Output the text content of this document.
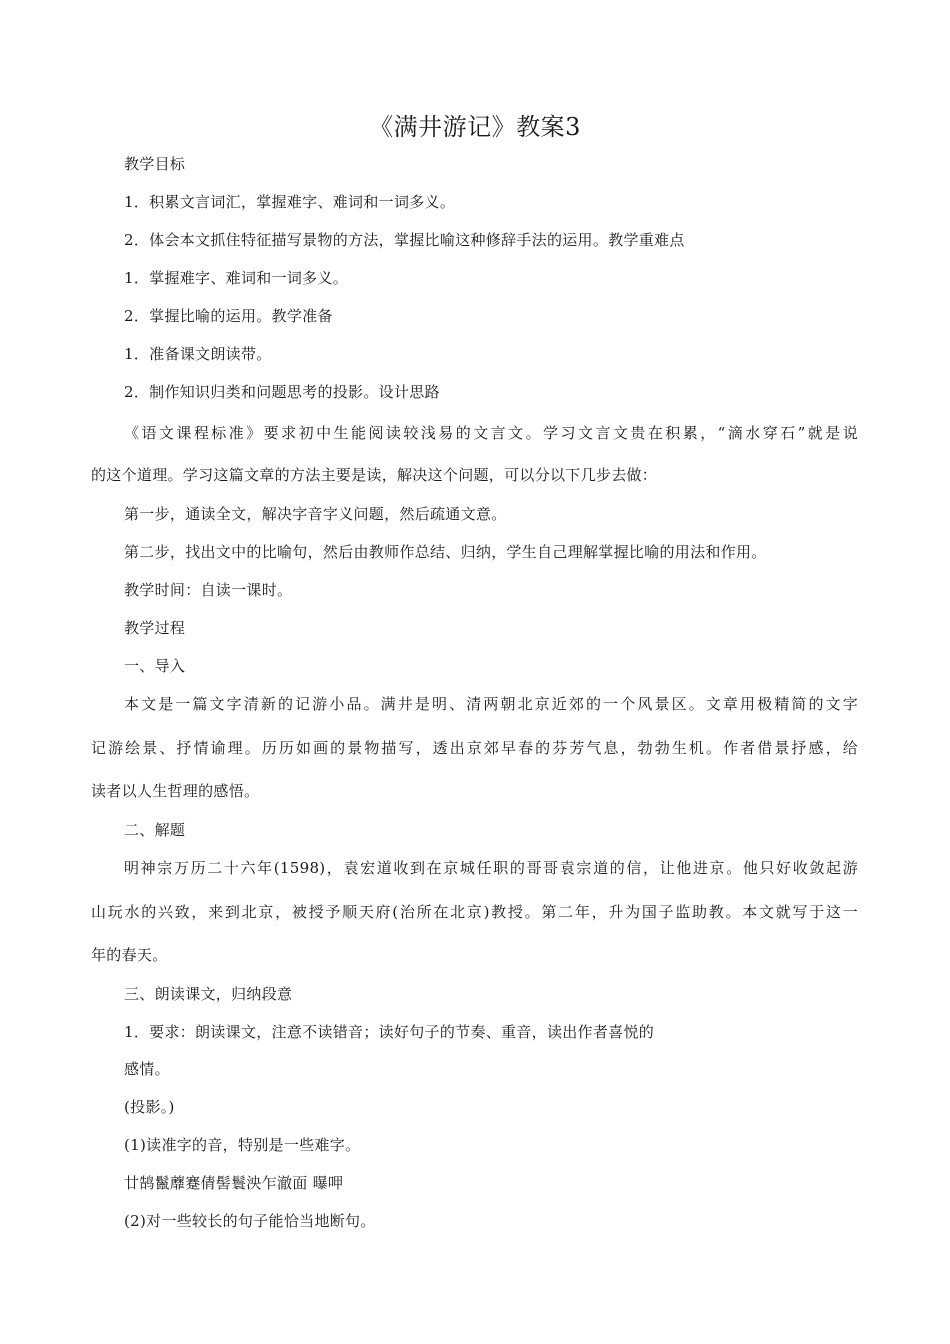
《满井游记》教案3
教学目标
1．积累文言词汇，掌握难字、难词和一词多义。
2．体会本文抓住特征描写景物的方法，掌握比喻这种修辞手法的运用。教学重难点
1．掌握难字、难词和一词多义。
2．掌握比喻的运用。教学准备
1．准备课文朗读带。
2．制作知识归类和问题思考的投影。设计思路
《语文课程标准》要求初中生能阅读较浅易的文言文。学习文言文贵在积累，“滴水穿石”就是说
的这个道理。学习这篇文章的方法主要是读，解决这个问题，可以分以下几步去做：
第一步，通读全文，解决字音字义问题，然后疏通文意。
第二步，找出文中的比喻句，然后由教师作总结、归纳，学生自己理解掌握比喻的用法和作用。
教学时间：自读一课时。
教学过程
一、导入
本文是一篇文字清新的记游小品。满井是明、清两朝北京近郊的一个风景区。文章用极精简的文字
记游绘景、抒情谕理。历历如画的景物描写，透出京郊早春的芬芳气息，勃勃生机。作者借景抒感，给
读者以人生哲理的感悟。
二、解题
明神宗万历二十六年(1598)，袁宏道收到在京城任职的哥哥袁宗道的信，让他进京。他只好收敛起游
山玩水的兴致，来到北京，被授予顺天府(治所在北京)教授。第二年，升为国子监助教。本文就写于这一
年的春天。
三、朗读课文，归纳段意
1．要求：朗读课文，注意不读错音；读好句子的节奏、重音，读出作者喜悦的
感情。
(投影。)
(1)读准字的音，特别是一些难字。
廿鹄鬣蘼蹇倩髻鬟泱乍澈面 曝呷
(2)对一些较长的句子能恰当地断句。
